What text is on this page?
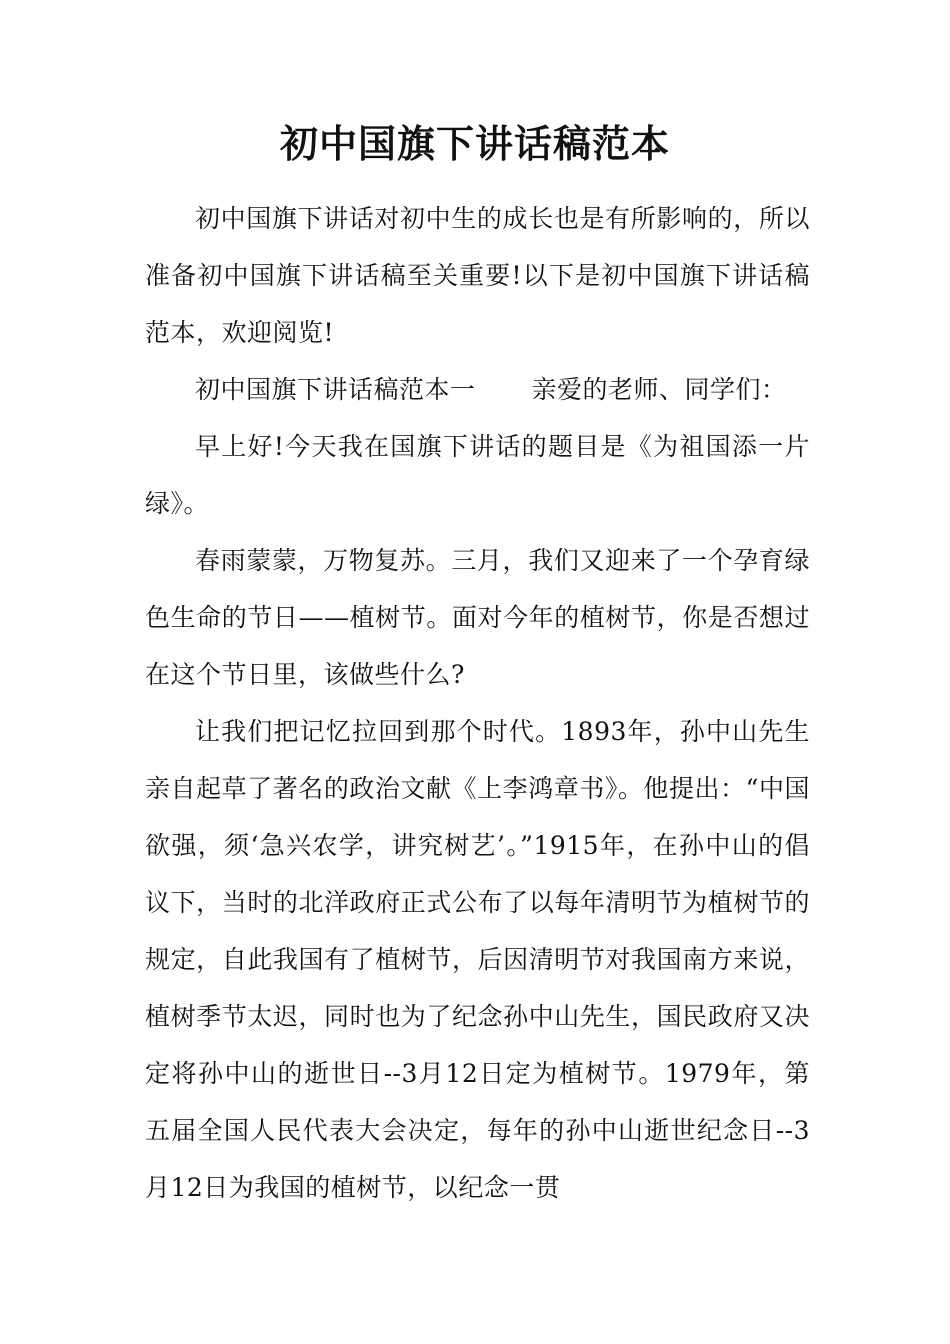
初中国旗下讲话稿范本

初中国旗下讲话对初中生的成长也是有所影响的，所以准备初中国旗下讲话稿至关重要!以下是初中国旗下讲话稿范本，欢迎阅览!

初中国旗下讲话稿范本一 亲爱的老师、同学们：

早上好!今天我在国旗下讲话的题目是《为祖国添一片绿》。

春雨蒙蒙，万物复苏。三月，我们又迎来了一个孕育绿色生命的节日——植树节。面对今年的植树节，你是否想过在这个节日里，该做些什么?

让我们把记忆拉回到那个时代。1893年，孙中山先生亲自起草了著名的政治文献《上李鸿章书》。他提出：“中国欲强，须‘急兴农学，讲究树艺’。”1915年，在孙中山的倡议下，当时的北洋政府正式公布了以每年清明节为植树节的规定，自此我国有了植树节，后因清明节对我国南方来说，植树季节太迟，同时也为了纪念孙中山先生，国民政府又决定将孙中山的逝世日--3月12日定为植树节。1979年，第五届全国人民代表大会决定，每年的孙中山逝世纪念日--3月12日为我国的植树节，以纪念一贯
